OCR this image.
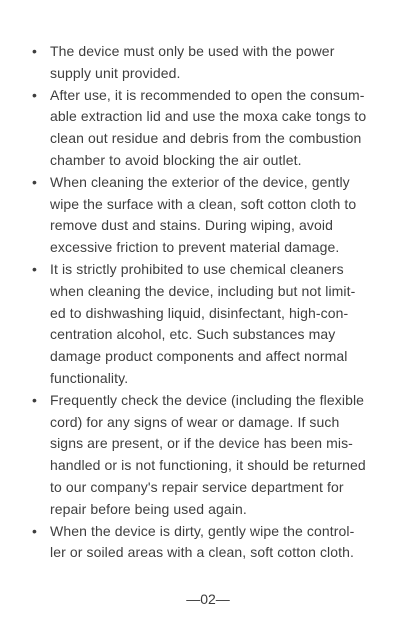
• The device must only be used with the power
supply unit provided.
• After use, it is recommended to open the consum-
able extraction lid and use the moxa cake tongs to
clean out residue and debris from the combustion
chamber to avoid blocking the air outlet.
• When cleaning the exterior of the device, gently
wipe the surface with a clean, soft cotton cloth to
remove dust and stains. During wiping, avoid
excessive friction to prevent material damage.
• It is strictly prohibited to use chemical cleaners
when cleaning the device, including but not limit-
ed to dishwashing liquid, disinfectant, high-con-
centration alcohol, etc. Such substances may
damage product components and affect normal
functionality.
• Frequently check the device (including the flexible
cord) for any signs of wear or damage. If such
signs are present, or if the device has been mis-
handled or is not functioning, it should be returned
to our company's repair service department for
repair before being used again.
• When the device is dirty, gently wipe the control-
ler or soiled areas with a clean, soft cotton cloth.
—02—
